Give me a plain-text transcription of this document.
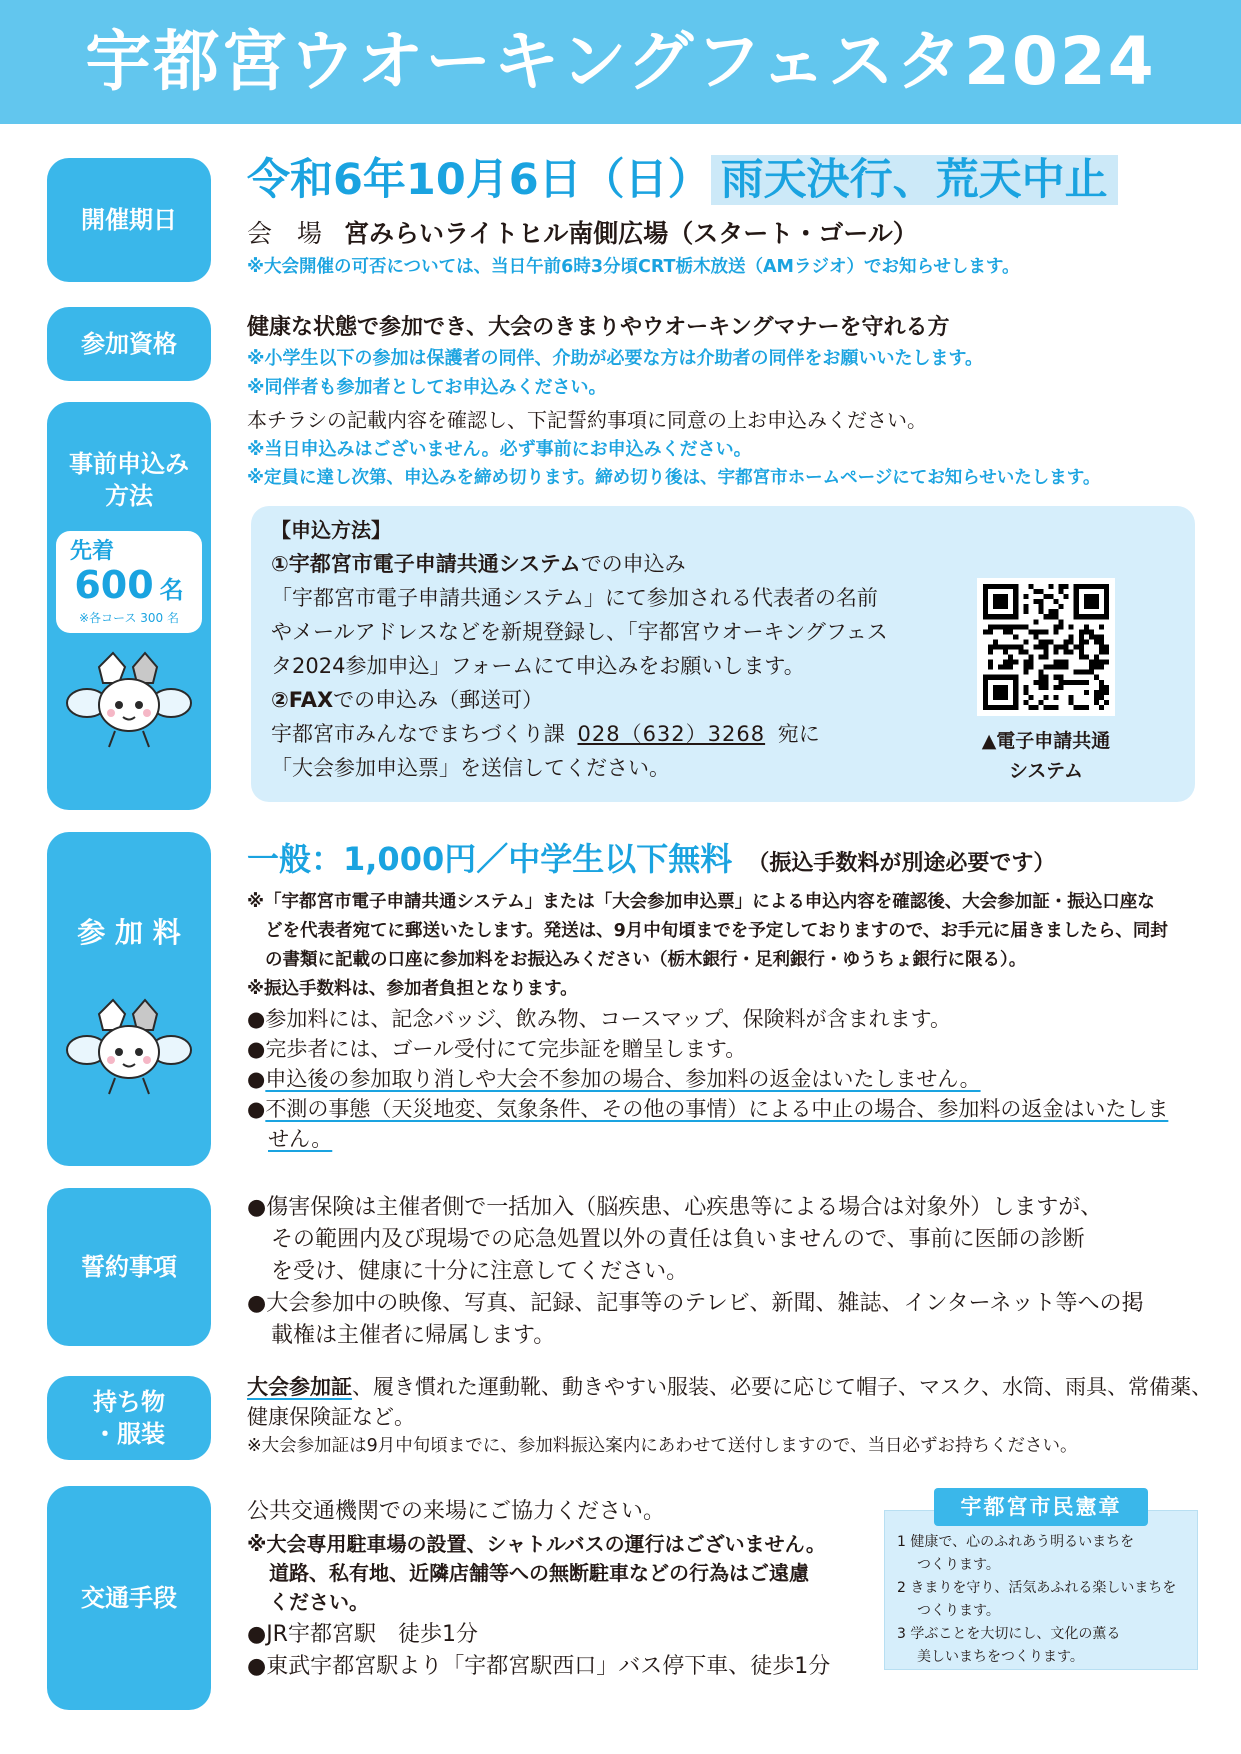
宇都宮ウオーキングフェスタ2024
開催期日
令和6年10月6日（日） 雨天決行、荒天中止
会　場 宮みらいライトヒル南側広場（スタート・ゴール）
※大会開催の可否については、当日午前6時3分頃CRT栃木放送（AMラジオ）でお知らせします。
参加資格
健康な状態で参加でき、大会のきまりやウオーキングマナーを守れる方
※小学生以下の参加は保護者の同伴、介助が必要な方は介助者の同伴をお願いいたします。
※同伴者も参加者としてお申込みください。
事前申込み
方法
先着
600 名
※各コース 300 名
本チラシの記載内容を確認し、下記誓約事項に同意の上お申込みください。
※当日申込みはございません。必ず事前にお申込みください。
※定員に達し次第、申込みを締め切ります。締め切り後は、宇都宮市ホームページにてお知らせいたします。
【申込方法】
①宇都宮市電子申請共通システムでの申込み
「宇都宮市電子申請共通システム」にて参加される代表者の名前
やメールアドレスなどを新規登録し、「宇都宮ウオーキングフェス
タ2024参加申込」フォームにて申込みをお願いします。
②FAXでの申込み（郵送可）
宇都宮市みんなでまちづくり課 028（632）3268 宛に
「大会参加申込票」を送信してください。
▲電子申請共通
システム
参 加 料
一般：1,000円／中学生以下無料 （振込手数料が別途必要です）
※「宇都宮市電子申請共通システム」または「大会参加申込票」による申込内容を確認後、大会参加証・振込口座な
どを代表者宛てに郵送いたします。発送は、9月中旬頃までを予定しておりますので、お手元に届きましたら、同封
の書類に記載の口座に参加料をお振込みください（栃木銀行・足利銀行・ゆうちょ銀行に限る）。
※振込手数料は、参加者負担となります。
●参加料には、記念バッジ、飲み物、コースマップ、保険料が含まれます。
●完歩者には、ゴール受付にて完歩証を贈呈します。
●申込後の参加取り消しや大会不参加の場合、参加料の返金はいたしません。
●不測の事態（天災地変、気象条件、その他の事情）による中止の場合、参加料の返金はいたしま
せん。
誓約事項
●傷害保険は主催者側で一括加入（脳疾患、心疾患等による場合は対象外）しますが、
その範囲内及び現場での応急処置以外の責任は負いませんので、事前に医師の診断
を受け、健康に十分に注意してください。
●大会参加中の映像、写真、記録、記事等のテレビ、新聞、雑誌、インターネット等への掲
載権は主催者に帰属します。
持ち物
・服装
大会参加証、履き慣れた運動靴、動きやすい服装、必要に応じて帽子、マスク、水筒、雨具、常備薬、
健康保険証など。
※大会参加証は9月中旬頃までに、参加料振込案内にあわせて送付しますので、当日必ずお持ちください。
交通手段
公共交通機関での来場にご協力ください。
※大会専用駐車場の設置、シャトルバスの運行はございません。
道路、私有地、近隣店舗等への無断駐車などの行為はご遠慮
ください。
●JR宇都宮駅　徒歩1分
●東武宇都宮駅より「宇都宮駅西口」バス停下車、徒歩1分
1 健康で、心のふれあう明るいまちを
つくります。
2 きまりを守り、活気あふれる楽しいまちを
つくります。
3 学ぶことを大切にし、文化の薫る
美しいまちをつくります。
宇都宮市民憲章
